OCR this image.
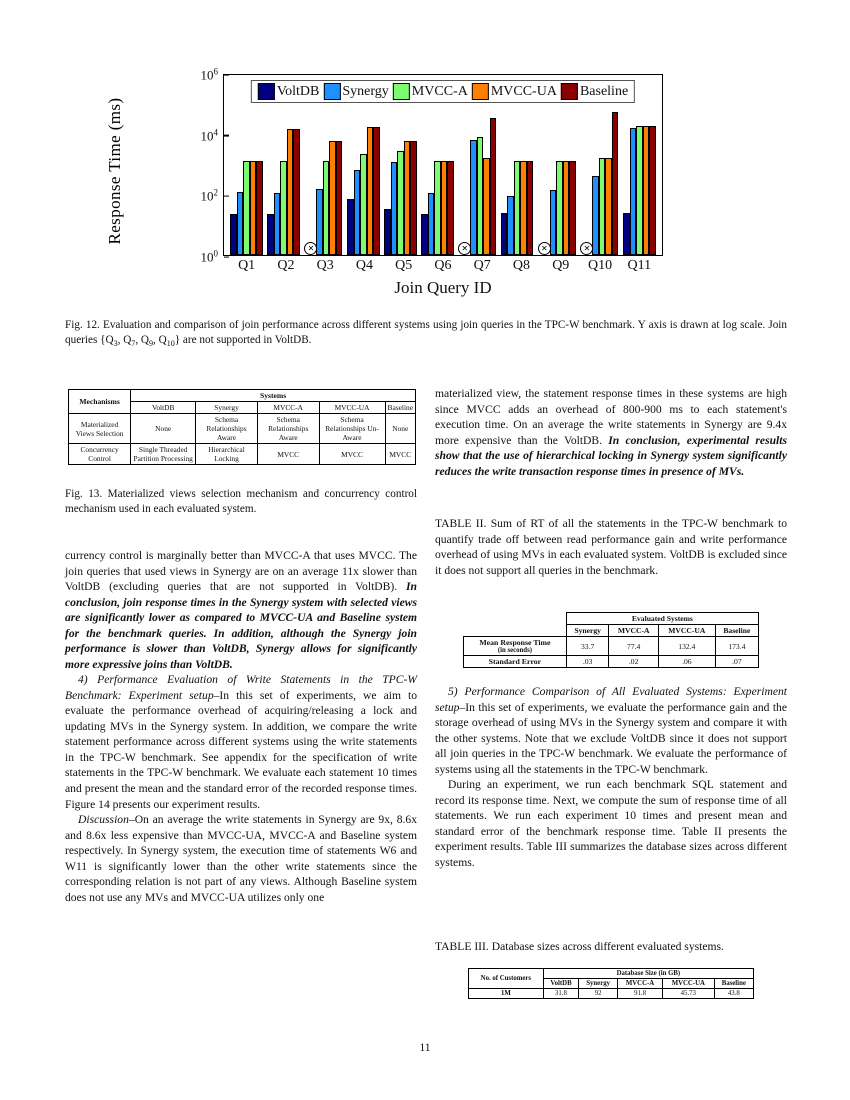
Response Time (ms)
VoltDB Synergy MVCC-A MVCC-UA Baseline
$10^0$
$10^2$
$10^4$
$10^6$
✕	✕	✕	✕
Q1	Q2	Q3	Q4	Q5	Q6	Q7	Q8	Q9	Q10	Q11
Join Query ID
Fig. 12. Evaluation and comparison of join performance across different systems using join queries in the TPC-W benchmark. Y axis is drawn at log scale. Join queries {$Q_3$, $Q_7$, $Q_9$, $Q_{10}$} are not supported in VoltDB.
Mechanisms	Systems				
	VoltDB	Synergy	MVCC-A	MVCC-UA	Baseline
Materialized Views Selection	None	Schema Relationships Aware	Schema Relationships Aware	Schema Relationships Un-Aware	None
Concurrency Control	Single Threaded Partition Processing	Hierarchical Locking	MVCC	MVCC	MVCC
Fig. 13. Materialized views selection mechanism and concurrency control mechanism used in each evaluated system.

currency control is marginally better than MVCC-A that uses MVCC. The join queries that used views in Synergy are on an average 11x slower than VoltDB (excluding queries that are not supported in VoltDB). In conclusion, join response times in the Synergy system with selected views are significantly lower as compared to MVCC-UA and Baseline system for the benchmark queries. In addition, although the Synergy join performance is slower than VoltDB, Synergy allows for significantly more expressive joins than VoltDB.

4) Performance Evaluation of Write Statements in the TPC-W Benchmark: Experiment setup–In this set of experiments, we aim to evaluate the performance overhead of acquiring/releasing a lock and updating MVs in the Synergy system. In addition, we compare the write statement performance across different systems using the write statements in the TPC-W benchmark. See appendix for the specification of write statements in the TPC-W benchmark. We evaluate each statement 10 times and present the mean and the standard error of the recorded response times. Figure 14 presents our experiment results.

Discussion–On an average the write statements in Synergy are 9x, 8.6x and 8.6x less expensive than MVCC-UA, MVCC-A and Baseline system respectively. In Synergy system, the execution time of statements W6 and W11 is significantly lower than the other write statements since the corresponding relation is not part of any views. Although Baseline system does not use any MVs and MVCC-UA utilizes only one

materialized view, the statement response times in these systems are high since MVCC adds an overhead of 800-900 ms to each statement's execution time. On an average the write statements in Synergy are 9.4x more expensive than the VoltDB. In conclusion, experimental results show that the use of hierarchical locking in Synergy system significantly reduces the write transaction response times in presence of MVs.

TABLE II. Sum of RT of all the statements in the TPC-W benchmark to quantify trade off between read performance gain and write performance overhead of using MVs in each evaluated system. VoltDB is excluded since it does not support all queries in the benchmark.
	Evaluated Systems			
	Synergy	MVCC-A	MVCC-UA	Baseline
Mean Response Time
(in seconds)	33.7	77.4	132.4	173.4
Standard Error	.03	.02	.06	.07

5) Performance Comparison of All Evaluated Systems: Experiment setup–In this set of experiments, we evaluate the performance gain and the storage overhead of using MVs in the Synergy system and compare it with the other systems. Note that we exclude VoltDB since it does not support all join queries in the TPC-W benchmark. We evaluate the performance of systems using all the statements in the TPC-W benchmark.

During an experiment, we run each benchmark SQL statement and record its response time. Next, we compute the sum of response time of all statements. We run each experiment 10 times and present mean and standard error of the benchmark response time. Table II presents the experiment results. Table III summarizes the database sizes across different systems.

TABLE III. Database sizes across different evaluated systems.
No. of Customers	Database Size (in GB)				
	VoltDB	Synergy	MVCC-A	MVCC-UA	Baseline
1M	31.8	92	91.8	45.73	43.8
11
